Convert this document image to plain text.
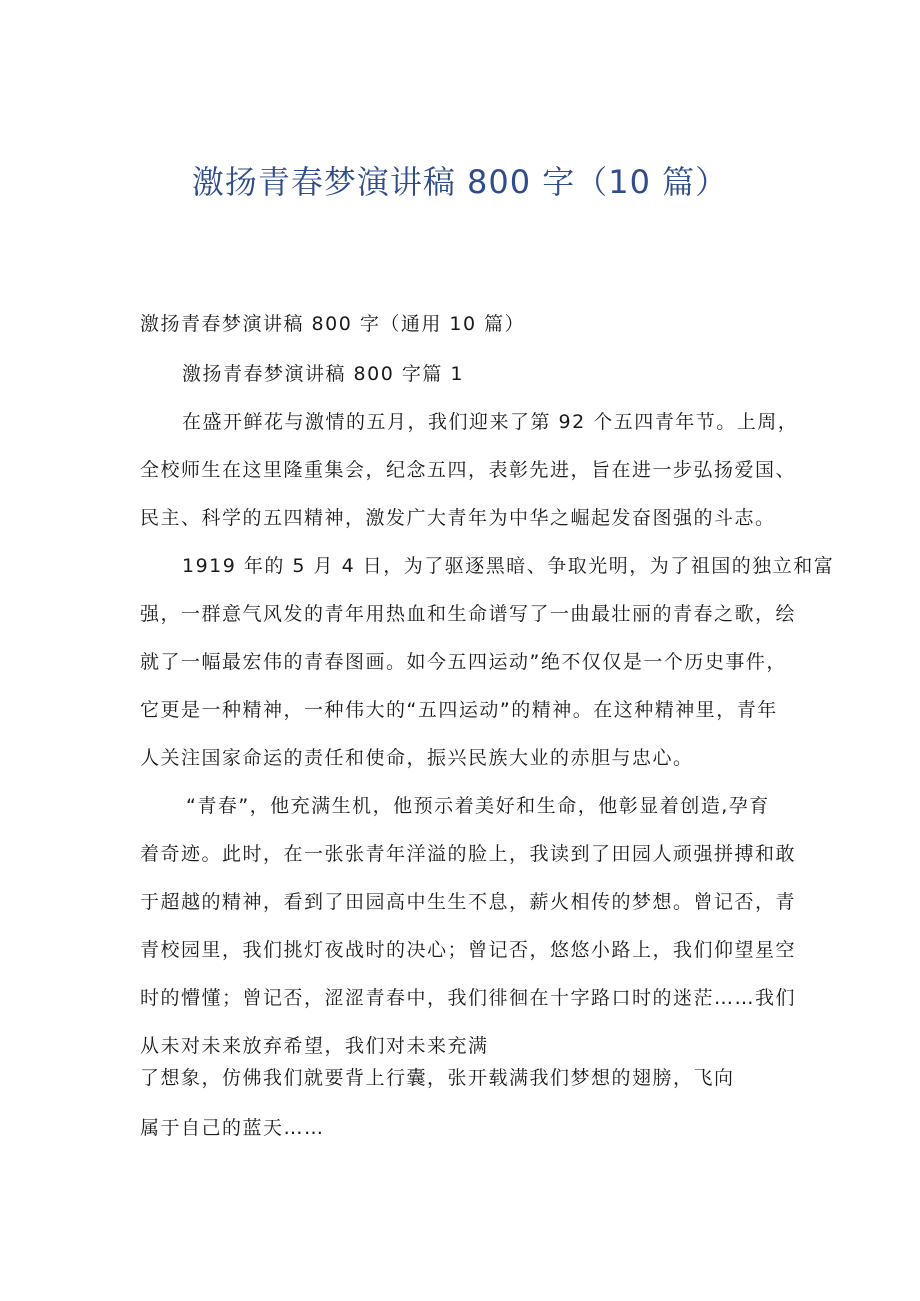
激扬青春梦演讲稿 800 字（10 篇）

激扬青春梦演讲稿 800 字（通用 10 篇）

激扬青春梦演讲稿 800 字篇 1

在盛开鲜花与激情的五月，我们迎来了第 92 个五四青年节。上周，

全校师生在这里隆重集会，纪念五四，表彰先进，旨在进一步弘扬爱国、

民主、科学的五四精神，激发广大青年为中华之崛起发奋图强的斗志。

1919 年的 5 月 4 日，为了驱逐黑暗、争取光明，为了祖国的独立和富

强，一群意气风发的青年用热血和生命谱写了一曲最壮丽的青春之歌，绘

就了一幅最宏伟的青春图画。如今五四运动”绝不仅仅是一个历史事件，

它更是一种精神，一种伟大的“五四运动”的精神。在这种精神里，青年

人关注国家命运的责任和使命，振兴民族大业的赤胆与忠心。

“青春”，他充满生机，他预示着美好和生命，他彰显着创造,孕育

着奇迹。此时，在一张张青年洋溢的脸上，我读到了田园人顽强拼搏和敢

于超越的精神，看到了田园高中生生不息，薪火相传的梦想。曾记否，青

青校园里，我们挑灯夜战时的决心；曾记否，悠悠小路上，我们仰望星空

时的懵懂；曾记否，涩涩青春中，我们徘徊在十字路口时的迷茫……我们

从未对未来放弃希望，我们对未来充满

了想象，仿佛我们就要背上行囊，张开载满我们梦想的翅膀，飞向

属于自己的蓝天……
